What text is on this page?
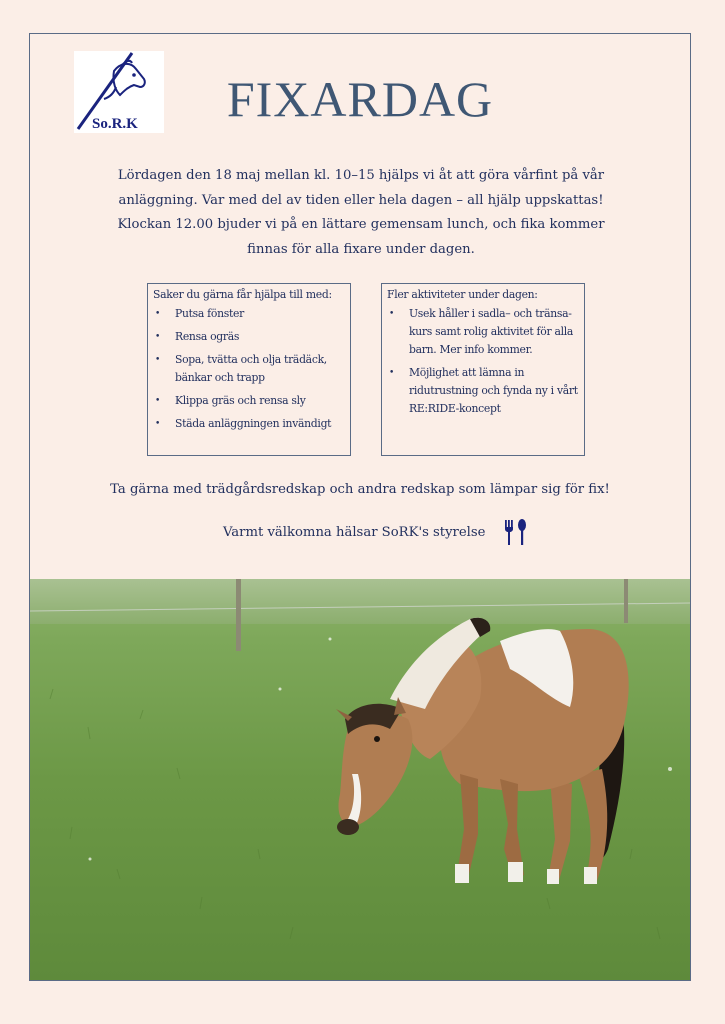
So.R.K	FIXARDAG

Lördagen den 18 maj mellan kl. 10–15 hjälps vi åt att göra vårfint på vår anläggning. Var med del av tiden eller hela dagen – all hjälp uppskattas! Klockan 12.00 bjuder vi på en lättare gemensam lunch, och fika kommer finnas för alla fixare under dagen.

Saker du gärna får hjälpa till med:
• Putsa fönster
• Rensa ogräs
• Sopa, tvätta och olja trädäck, bänkar och trapp
• Klippa gräs och rensa sly
• Städa anläggningen invändigt
Fler aktiviteter under dagen:
• Usek håller i sadla– och tränsa-kurs samt rolig aktivitet för alla barn. Mer info kommer.
• Möjlighet att lämna in ridutrustning och fynda ny i vårt RE:RIDE-koncept
Ta gärna med trädgårdsredskap och andra redskap som lämpar sig för fix!
Varmt välkomna hälsar SoRK's styrelse
